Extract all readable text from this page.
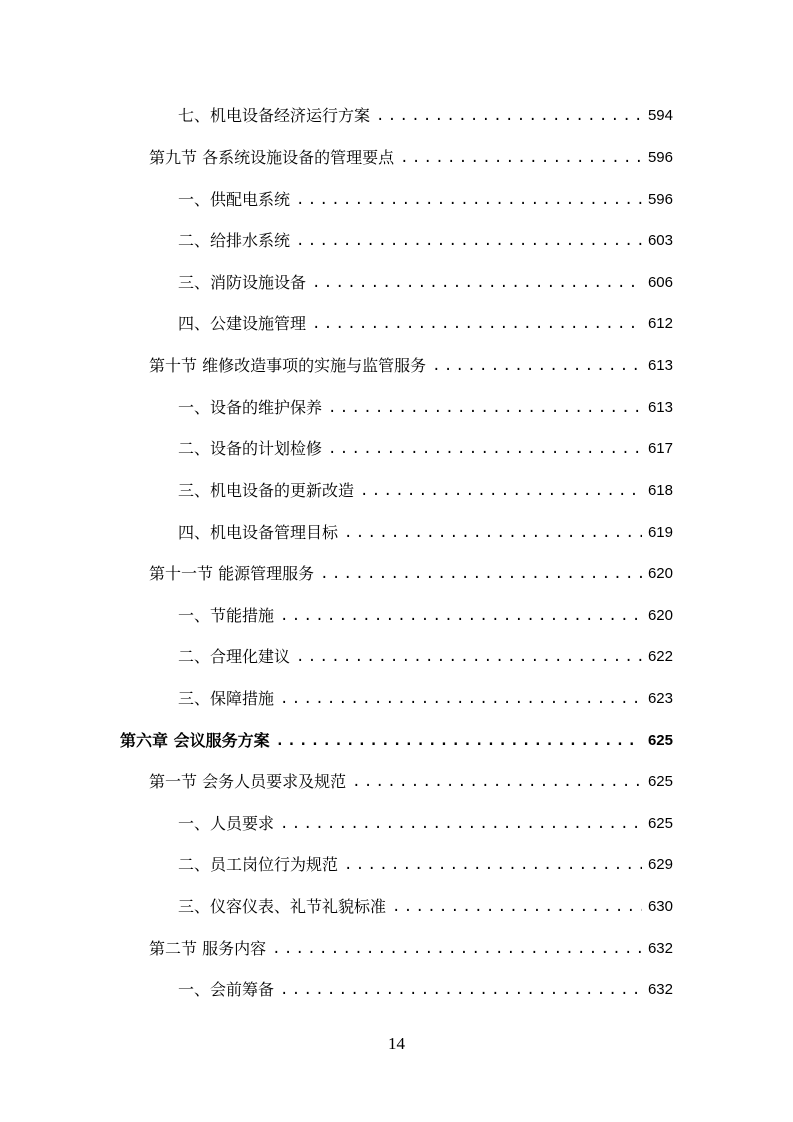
七、机电设备经济运行方案 .....	594
第九节 各系统设施设备的管理要点 .....	596
一、供配电系统 .....	596
二、给排水系统 .....	603
三、消防设施设备 .....	606
四、公建设施管理 .....	612
第十节 维修改造事项的实施与监管服务 .....	613
一、设备的维护保养 .....	613
二、设备的计划检修 .....	617
三、机电设备的更新改造 .....	618
四、机电设备管理目标 .....	619
第十一节 能源管理服务 .....	620
一、节能措施 .....	620
二、合理化建议 .....	622
三、保障措施 .....	623
第六章 会议服务方案 .....	625
第一节 会务人员要求及规范 .....	625
一、人员要求 .....	625
二、员工岗位行为规范 .....	629
三、仪容仪表、礼节礼貌标准 .....	630
第二节 服务内容 .....	632
一、会前筹备 .....	632
14
